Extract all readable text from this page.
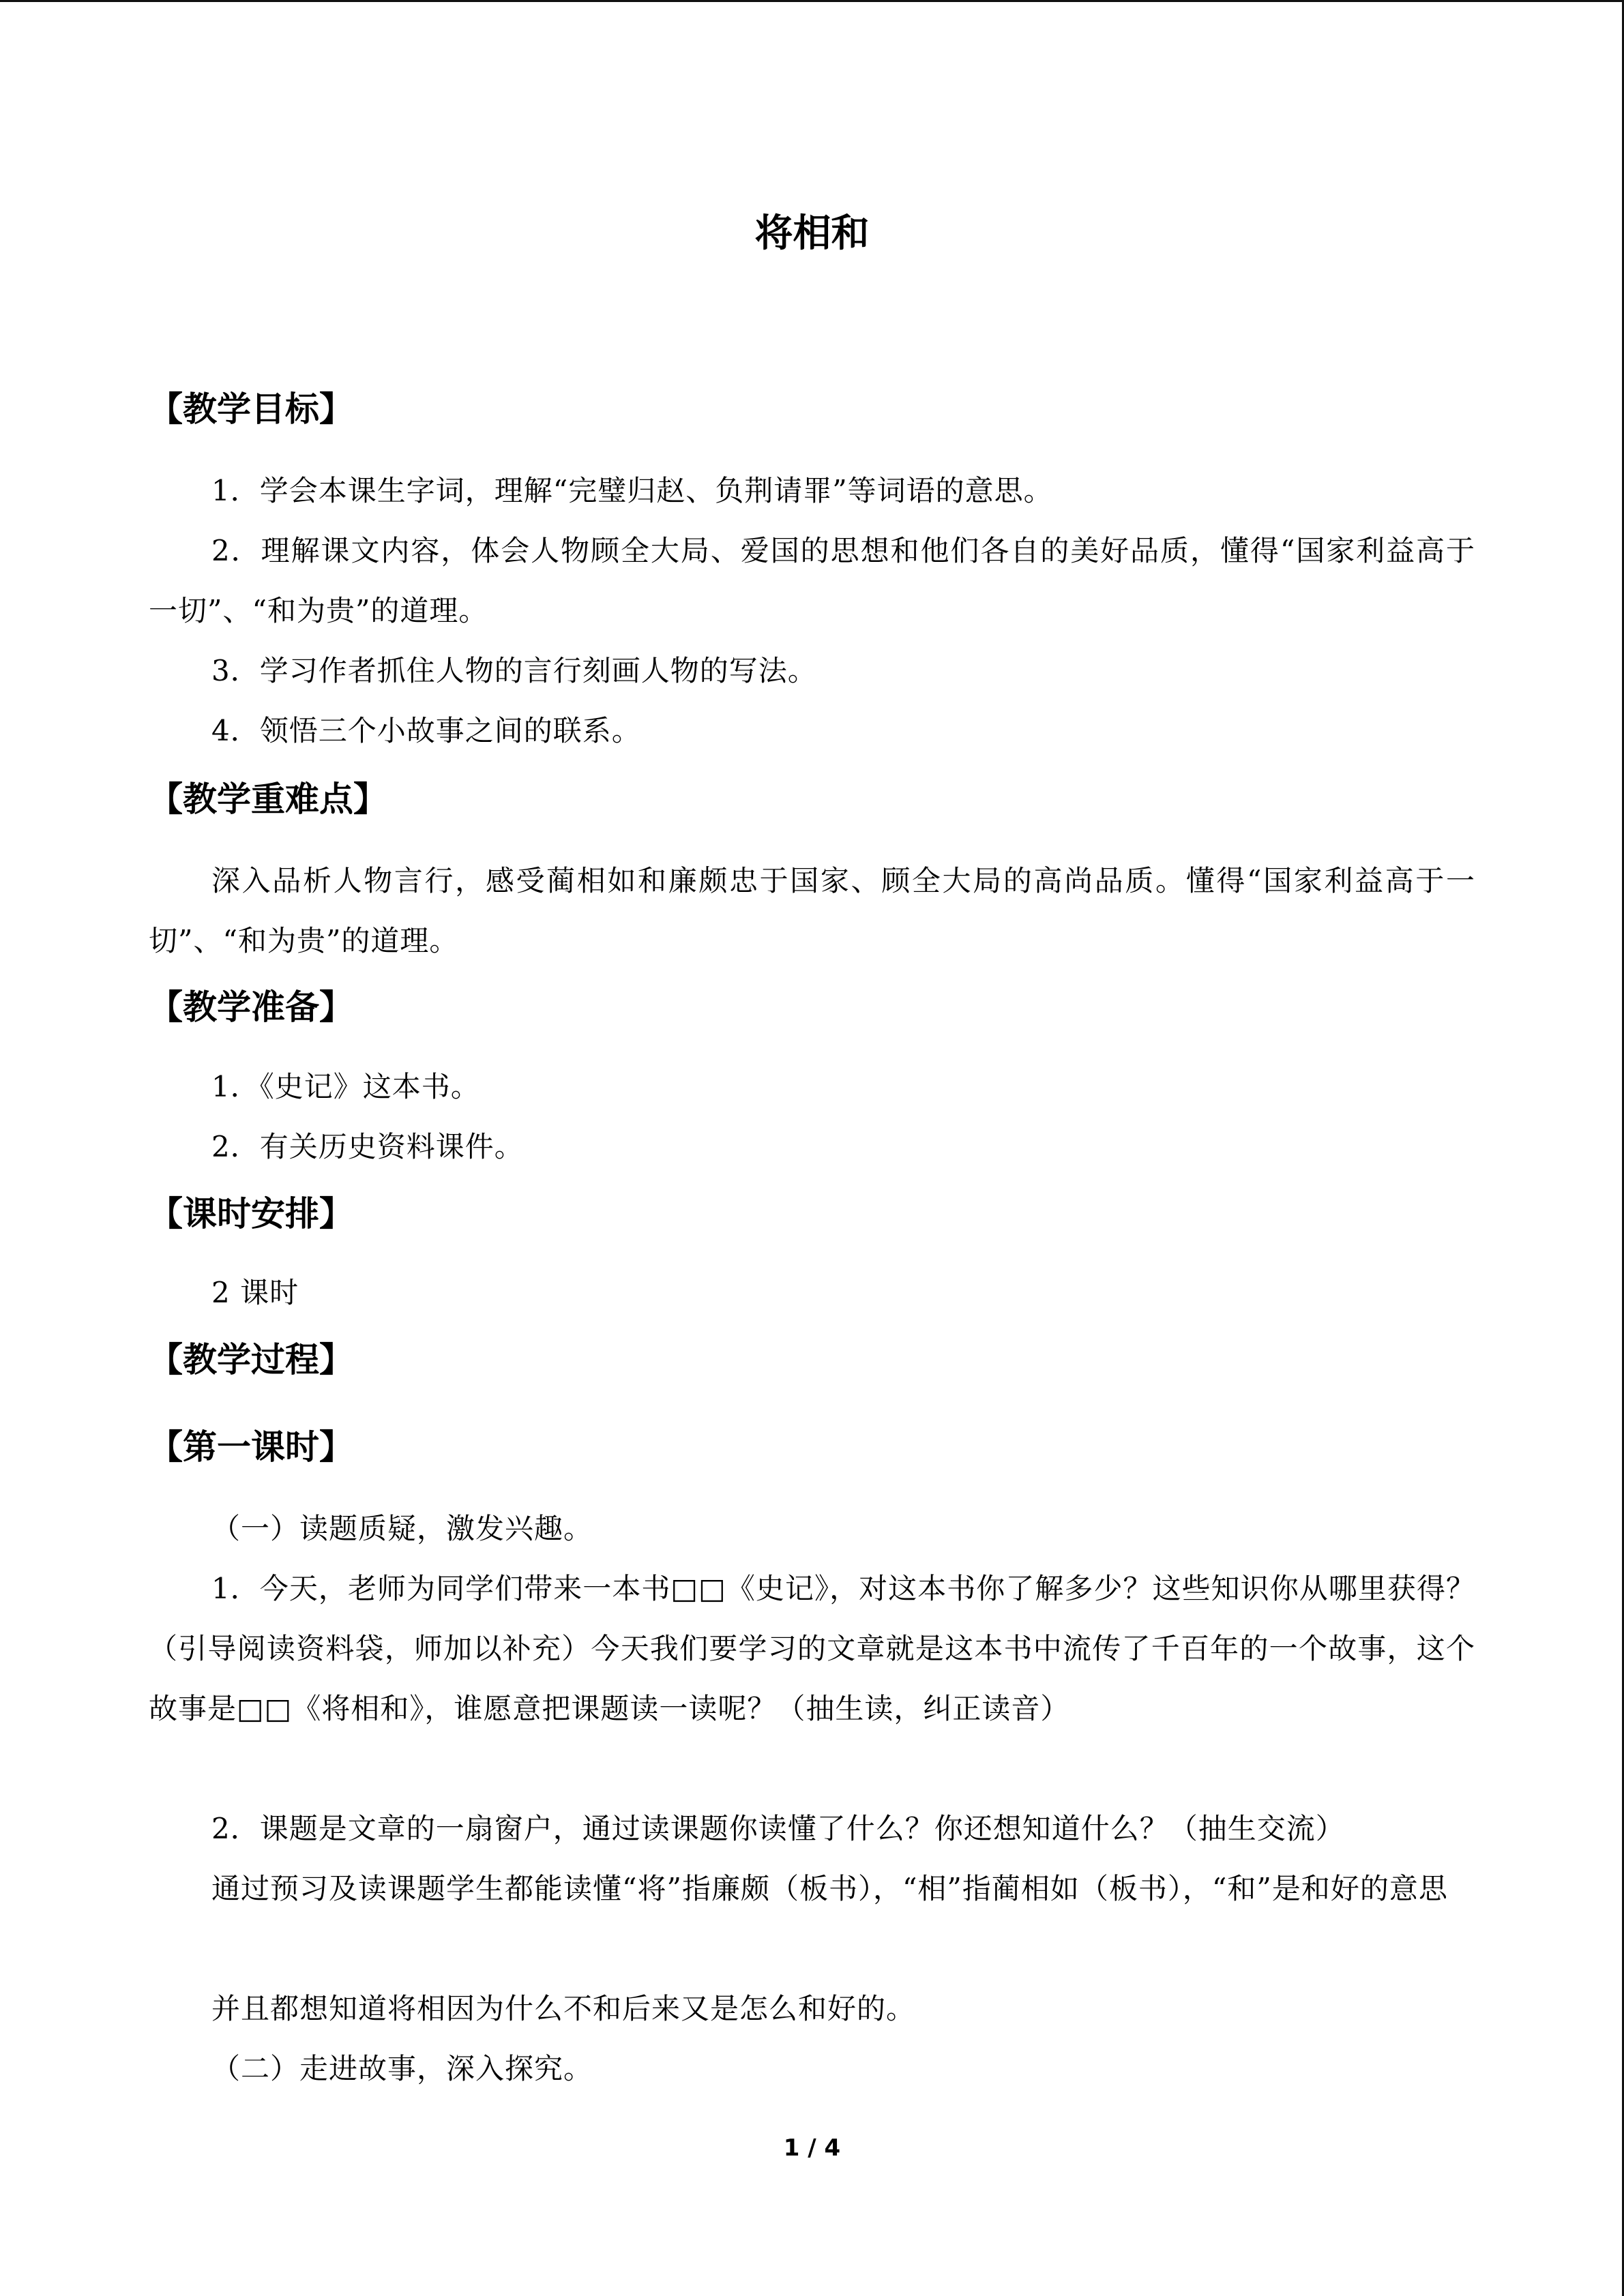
将相和
【教学目标】
1．学会本课生字词，理解“完璧归赵、负荆请罪”等词语的意思。
2．理解课文内容，体会人物顾全大局、爱国的思想和他们各自的美好品质，懂得“国家利益高于一切”、“和为贵”的道理。
3．学习作者抓住人物的言行刻画人物的写法。
4．领悟三个小故事之间的联系。
【教学重难点】
深入品析人物言行，感受蔺相如和廉颇忠于国家、顾全大局的高尚品质。懂得“国家利益高于一切”、“和为贵”的道理。
【教学准备】
1．《史记》这本书。
2．有关历史资料课件。
【课时安排】
2 课时
【教学过程】
【第一课时】
（一）读题质疑，激发兴趣。
1．今天，老师为同学们带来一本书□□《史记》，对这本书你了解多少？这些知识你从哪里获得？（引导阅读资料袋，师加以补充）今天我们要学习的文章就是这本书中流传了千百年的一个故事，这个故事是□□《将相和》，谁愿意把课题读一读呢？（抽生读，纠正读音）
2．课题是文章的一扇窗户，通过读课题你读懂了什么？你还想知道什么？（抽生交流）
通过预习及读课题学生都能读懂“将”指廉颇（板书），“相”指蔺相如（板书），“和”是和好的意思
并且都想知道将相因为什么不和后来又是怎么和好的。
（二）走进故事，深入探究。
1 / 4
